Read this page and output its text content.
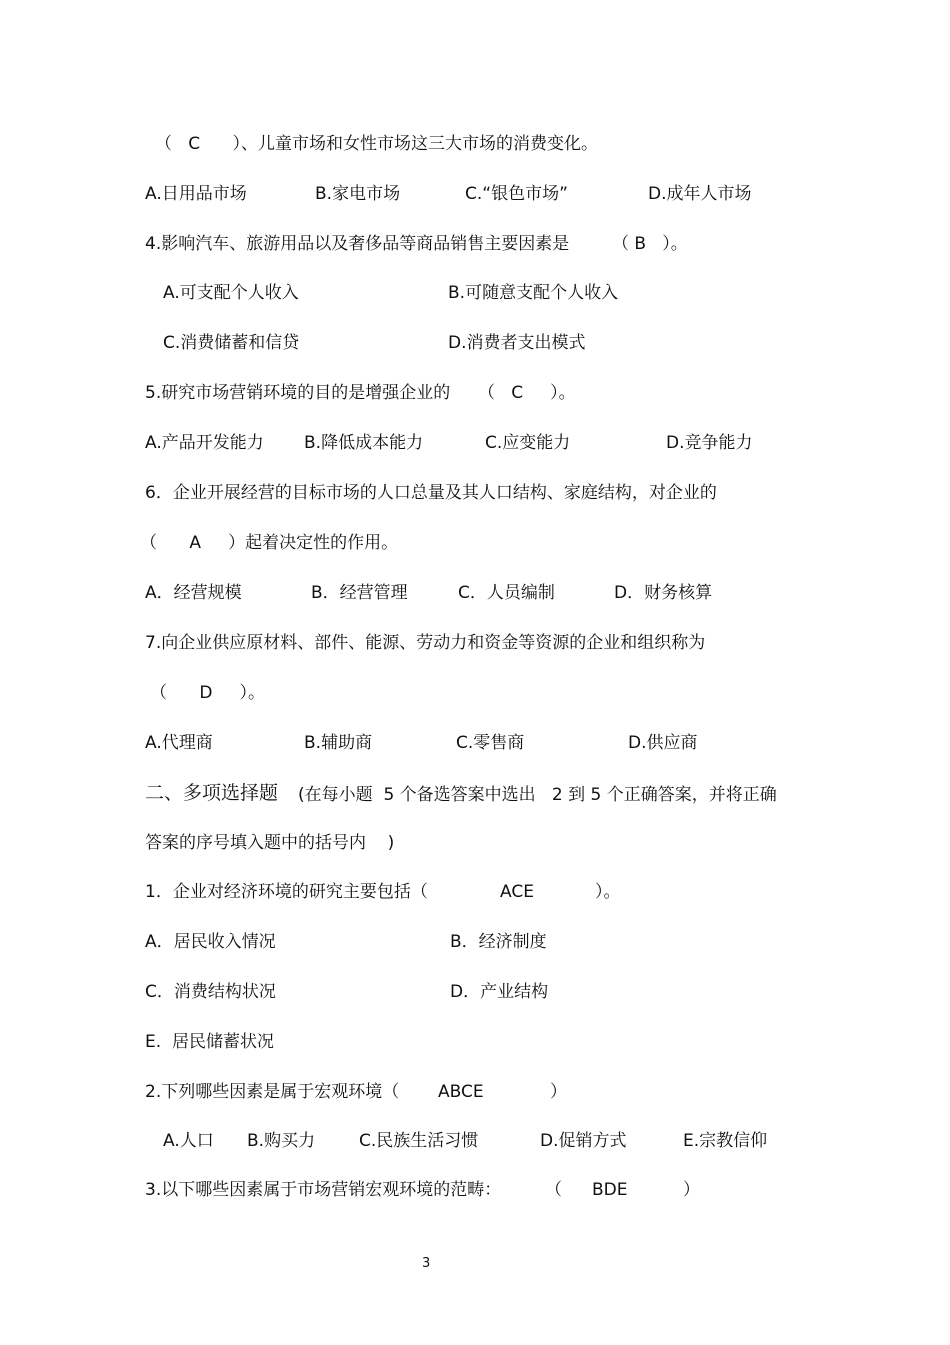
（   C      ）、儿童市场和女性市场这三大市场的消费变化。
A.日用品市场	B.家电市场	C.“银色市场”	D.成年人市场
4.影响汽车、旅游用品以及奢侈品等商品销售主要因素是	（ B   ）。
A.可支配个人收入	B.可随意支配个人收入
C.消费储蓄和信贷	D.消费者支出模式
5.研究市场营销环境的目的是增强企业的 （   C     ）。
A.产品开发能力 B.降低成本能力	C.应变能力	D.竞争能力
6．企业开展经营的目标市场的人口总量及其人口结构、家庭结构，对企业的
（      A     ）起着决定性的作用。
A．经营规模	B．经营管理	C．人员编制	D．财务核算
7.向企业供应原材料、部件、能源、劳动力和资金等资源的企业和组织称为
（      D     ）。
A.代理商	B.辅助商	C.零售商	D.供应商
二、多项选择题 (在每小题  5 个备选答案中选出   2 到 5 个正确答案，并将正确
答案的序号填入题中的括号内    )
1．企业对经济环境的研究主要包括（	ACE	）。
A．居民收入情况	B．经济制度
C．消费结构状况	D．产业结构
E.  居民储蓄状况
2.下列哪些因素是属于宏观环境（ ABCE	）
A.人口 B.购买力	C.民族生活习惯	D.促销方式	E.宗教信仰
3.以下哪些因素属于市场营销宏观环境的范畴：	（ BDE	）
3
